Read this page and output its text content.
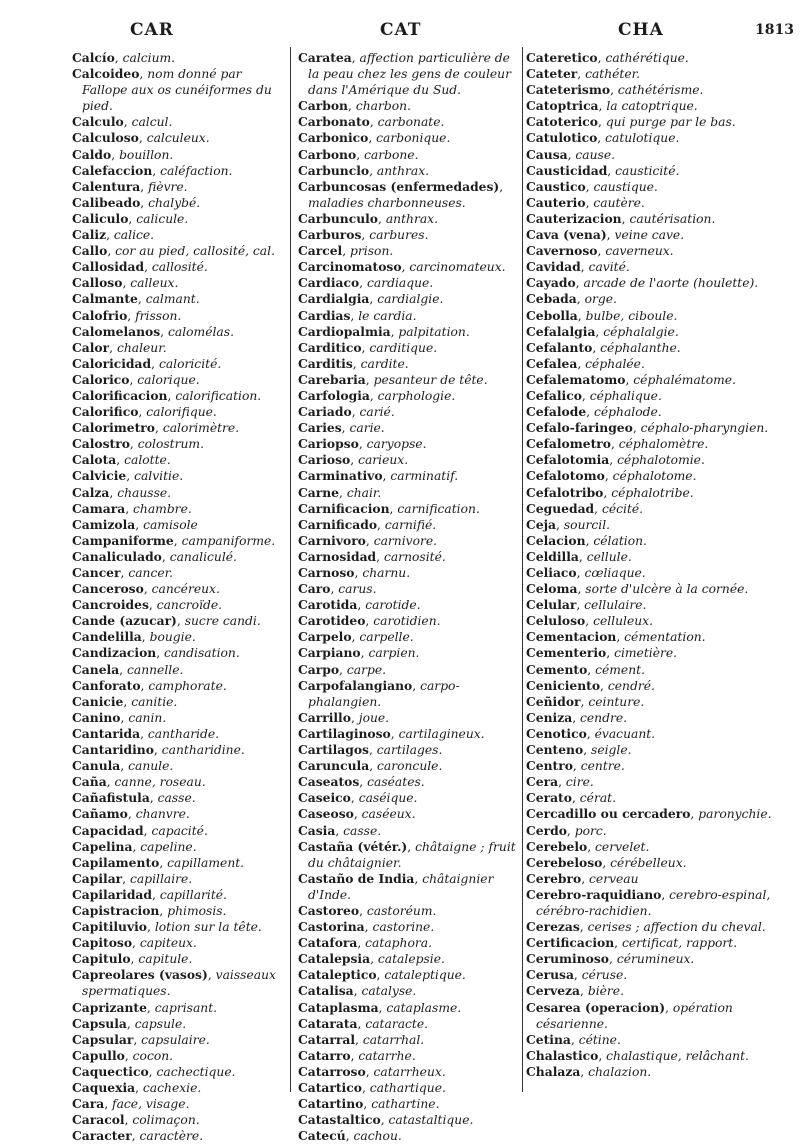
CAR	CAT	CHA	1813
Calcío, calcium.
Calcoideo, nom donné par Fallope aux os cunéiformes du pied.
Calculo, calcul.
Calculoso, calculeux.
Caldo, bouillon.
Calefaccion, caléfaction.
Calentura, fièvre.
Calibeado, chalybé.
Caliculo, calicule.
Caliz, calice.
Callo, cor au pied, callosité, cal.
Callosidad, callosité.
Calloso, calleux.
Calmante, calmant.
Calofrio, frisson.
Calomelanos, calomélas.
Calor, chaleur.
Caloricidad, caloricité.
Calorico, calorique.
Calorificacion, calorification.
Calorifico, calorifique.
Calorimetro, calorimètre.
Calostro, colostrum.
Calota, calotte.
Calvicie, calvitie.
Calza, chausse.
Camara, chambre.
Camizola, camisole
Campaniforme, campaniforme.
Canaliculado, canaliculé.
Cancer, cancer.
Canceroso, cancéreux.
Cancroides, cancroïde.
Cande (azucar), sucre candi.
Candelilla, bougie.
Candizacion, candisation.
Canela, cannelle.
Canforato, camphorate.
Canicie, canitie.
Canino, canin.
Cantarida, cantharide.
Cantaridino, cantharidine.
Canula, canule.
Caña, canne, roseau.
Cañafistula, casse.
Cañamo, chanvre.
Capacidad, capacité.
Capelina, capeline.
Capilamento, capillament.
Capilar, capillaire.
Capilaridad, capillarité.
Capistracion, phimosis.
Capitiluvio, lotion sur la tête.
Capitoso, capiteux.
Capitulo, capitule.
Capreolares (vasos), vaisseaux spermatiques.
Caprizante, caprisant.
Capsula, capsule.
Capsular, capsulaire.
Capullo, cocon.
Caquectico, cachectique.
Caquexia, cachexie.
Cara, face, visage.
Caracol, colimaçon.
Caracter, caractère.
Caratea, affection particulière de la peau chez les gens de couleur dans l'Amérique du Sud.
Carbon, charbon.
Carbonato, carbonate.
Carbonico, carbonique.
Carbono, carbone.
Carbunclo, anthrax.
Carbuncosas (enfermedades), maladies charbonneuses.
Carbunculo, anthrax.
Carburos, carbures.
Carcel, prison.
Carcinomatoso, carcinomateux.
Cardiaco, cardiaque.
Cardialgia, cardialgie.
Cardias, le cardia.
Cardiopalmia, palpitation.
Carditico, carditique.
Carditis, cardite.
Carebaria, pesanteur de tête.
Carfologia, carphologie.
Cariado, carié.
Caries, carie.
Cariopso, caryopse.
Carioso, carieux.
Carminativo, carminatif.
Carne, chair.
Carnificacion, carnification.
Carnificado, carnifié.
Carnivoro, carnivore.
Carnosidad, carnosité.
Carnoso, charnu.
Caro, carus.
Carotida, carotide.
Carotideo, carotidien.
Carpelo, carpelle.
Carpiano, carpien.
Carpo, carpe.
Carpofalangiano, carpo-phalangien.
Carrillo, joue.
Cartilaginoso, cartilagineux.
Cartilagos, cartilages.
Caruncula, caroncule.
Caseatos, caséates.
Caseico, caséique.
Caseoso, caséeux.
Casia, casse.
Castaña (vétér.), châtaigne ; fruit du châtaignier.
Castaño de India, châtaignier d'Inde.
Castoreo, castoréum.
Castorina, castorine.
Catafora, cataphora.
Catalepsia, catalepsie.
Cataleptico, cataleptique.
Catalisa, catalyse.
Cataplasma, cataplasme.
Catarata, cataracte.
Catarral, catarrhal.
Catarro, catarrhe.
Catarroso, catarrheux.
Catartico, cathartique.
Catartino, cathartine.
Catastaltico, catastaltique.
Catecú, cachou.
Cateretico, cathérétique.
Cateter, cathéter.
Cateterismo, cathétérisme.
Catoptrica, la catoptrique.
Catoterico, qui purge par le bas.
Catulotico, catulotique.
Causa, cause.
Causticidad, causticité.
Caustico, caustique.
Cauterio, cautère.
Cauterizacion, cautérisation.
Cava (vena), veine cave.
Cavernoso, caverneux.
Cavidad, cavité.
Cayado, arcade de l'aorte (houlette).
Cebada, orge.
Cebolla, bulbe, ciboule.
Cefalalgia, céphalalgie.
Cefalanto, céphalanthe.
Cefalea, céphalée.
Cefalematomo, céphalématome.
Cefalico, céphalique.
Cefalode, céphalode.
Cefalo-faringeo, céphalo-pharyngien.
Cefalometro, céphalomètre.
Cefalotomia, céphalotomie.
Cefalotomo, céphalotome.
Cefalotribo, céphalotribe.
Ceguedad, cécité.
Ceja, sourcil.
Celacion, célation.
Celdilla, cellule.
Celiaco, cœliaque.
Celoma, sorte d'ulcère à la cornée.
Celular, cellulaire.
Celuloso, celluleux.
Cementacion, cémentation.
Cementerio, cimetière.
Cemento, cément.
Ceniciento, cendré.
Ceñidor, ceinture.
Ceniza, cendre.
Cenotico, évacuant.
Centeno, seigle.
Centro, centre.
Cera, cire.
Cerato, cérat.
Cercadillo ou cercadero, paronychie.
Cerdo, porc.
Cerebelo, cervelet.
Cerebeloso, cérébelleux.
Cerebro, cerveau
Cerebro-raquidiano, cerebro-espinal, cérébro-rachidien.
Cerezas, cerises ; affection du cheval.
Certificacion, certificat, rapport.
Ceruminoso, cérumineux.
Cerusa, céruse.
Cerveza, bière.
Cesarea (operacion), opération césarienne.
Cetina, cétine.
Chalastico, chalastique, relâchant.
Chalaza, chalazion.
